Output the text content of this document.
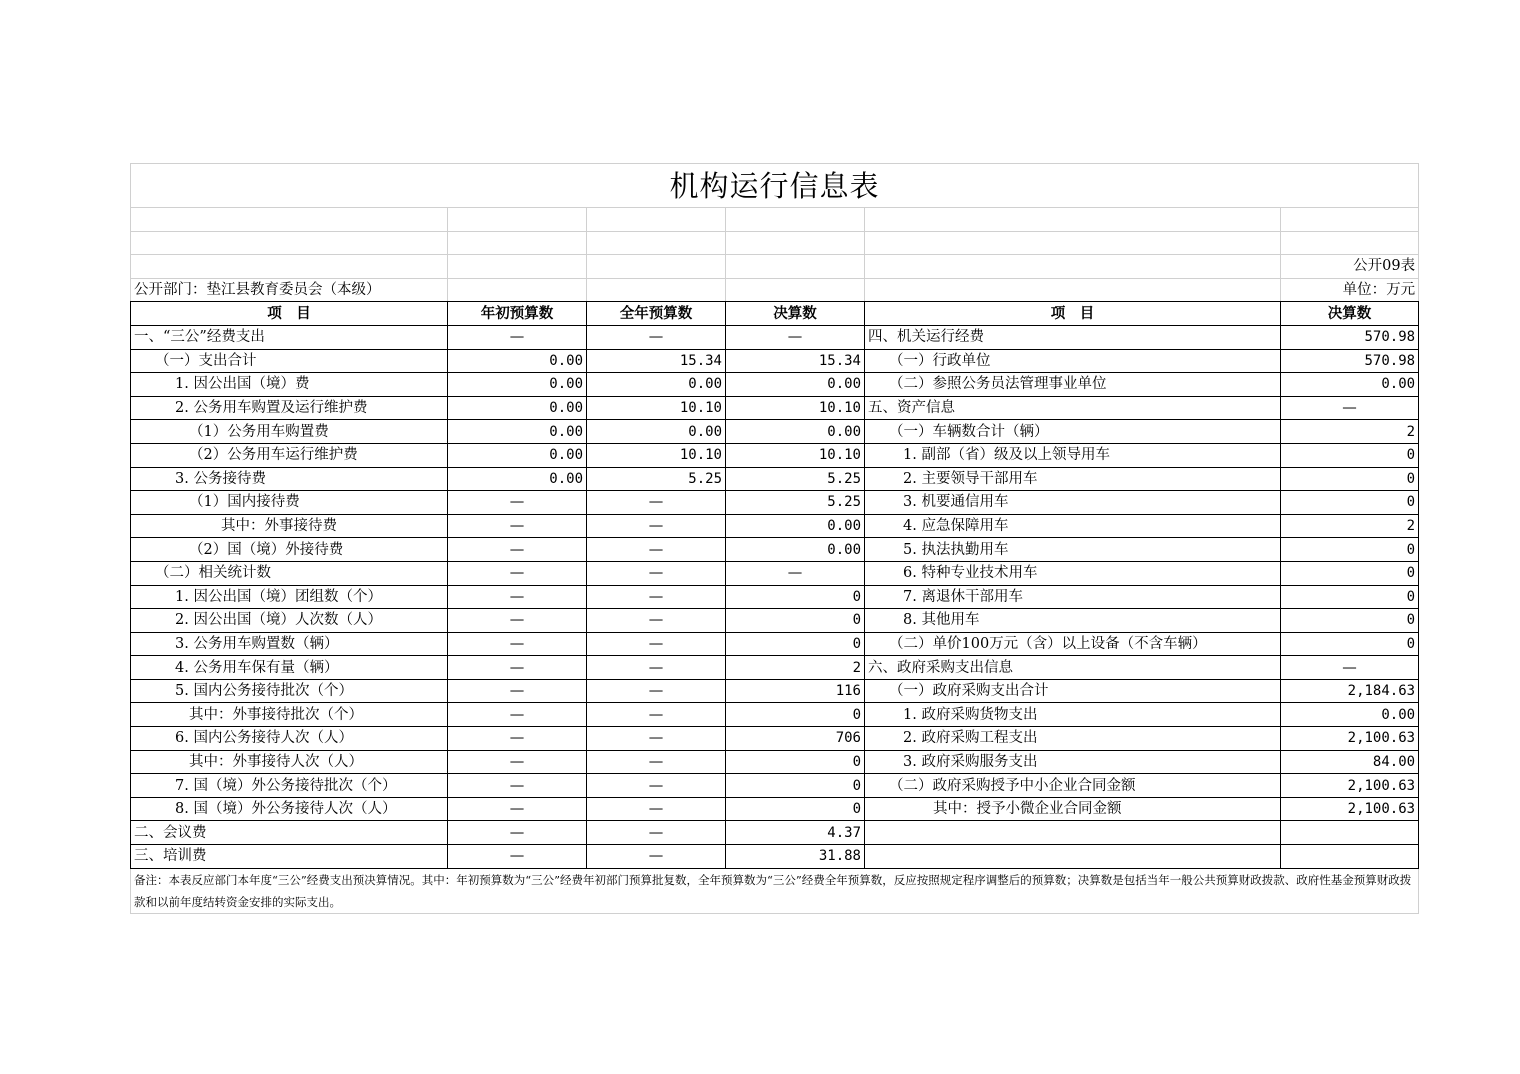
机构运行信息表					

					公开09表
公开部门：垫江县教育委员会（本级）					单位：万元
项　目	年初预算数	全年预算数	决算数	项　目	决算数
一、“三公”经费支出	—	—	—	四、机关运行经费	570.98
（一）支出合计	0.00	15.34	15.34	（一）行政单位	570.98
1. 因公出国（境）费	0.00	0.00	0.00	（二）参照公务员法管理事业单位	0.00
2. 公务用车购置及运行维护费	0.00	10.10	10.10	五、资产信息	—
（1）公务用车购置费	0.00	0.00	0.00	（一）车辆数合计（辆）	2
（2）公务用车运行维护费	0.00	10.10	10.10	1. 副部（省）级及以上领导用车	0
3. 公务接待费	0.00	5.25	5.25	2. 主要领导干部用车	0
（1）国内接待费	—	—	5.25	3. 机要通信用车	0
其中：外事接待费	—	—	0.00	4. 应急保障用车	2
（2）国（境）外接待费	—	—	0.00	5. 执法执勤用车	0
（二）相关统计数	—	—	—	6. 特种专业技术用车	0
1. 因公出国（境）团组数（个）	—	—	0	7. 离退休干部用车	0
2. 因公出国（境）人次数（人）	—	—	0	8. 其他用车	0
3. 公务用车购置数（辆）	—	—	0	（二）单价100万元（含）以上设备（不含车辆）	0
4. 公务用车保有量（辆）	—	—	2	六、政府采购支出信息	—
5. 国内公务接待批次（个）	—	—	116	（一）政府采购支出合计	2,184.63
其中：外事接待批次（个）	—	—	0	1. 政府采购货物支出	0.00
6. 国内公务接待人次（人）	—	—	706	2. 政府采购工程支出	2,100.63
其中：外事接待人次（人）	—	—	0	3. 政府采购服务支出	84.00
7. 国（境）外公务接待批次（个）	—	—	0	（二）政府采购授予中小企业合同金额	2,100.63
8. 国（境）外公务接待人次（人）	—	—	0	其中：授予小微企业合同金额	2,100.63
二、会议费	—	—	4.37		
三、培训费	—	—	31.88		
备注：本表反应部门本年度“三公”经费支出预决算情况。其中：年初预算数为“三公”经费年初部门预算批复数，全年预算数为“三公”经费全年预算数，反应按照规定程序调整后的预算数；决算数是包括当年一般公共预算财政拨款、政府性基金预算财政拨款和以前年度结转资金安排的实际支出。					
